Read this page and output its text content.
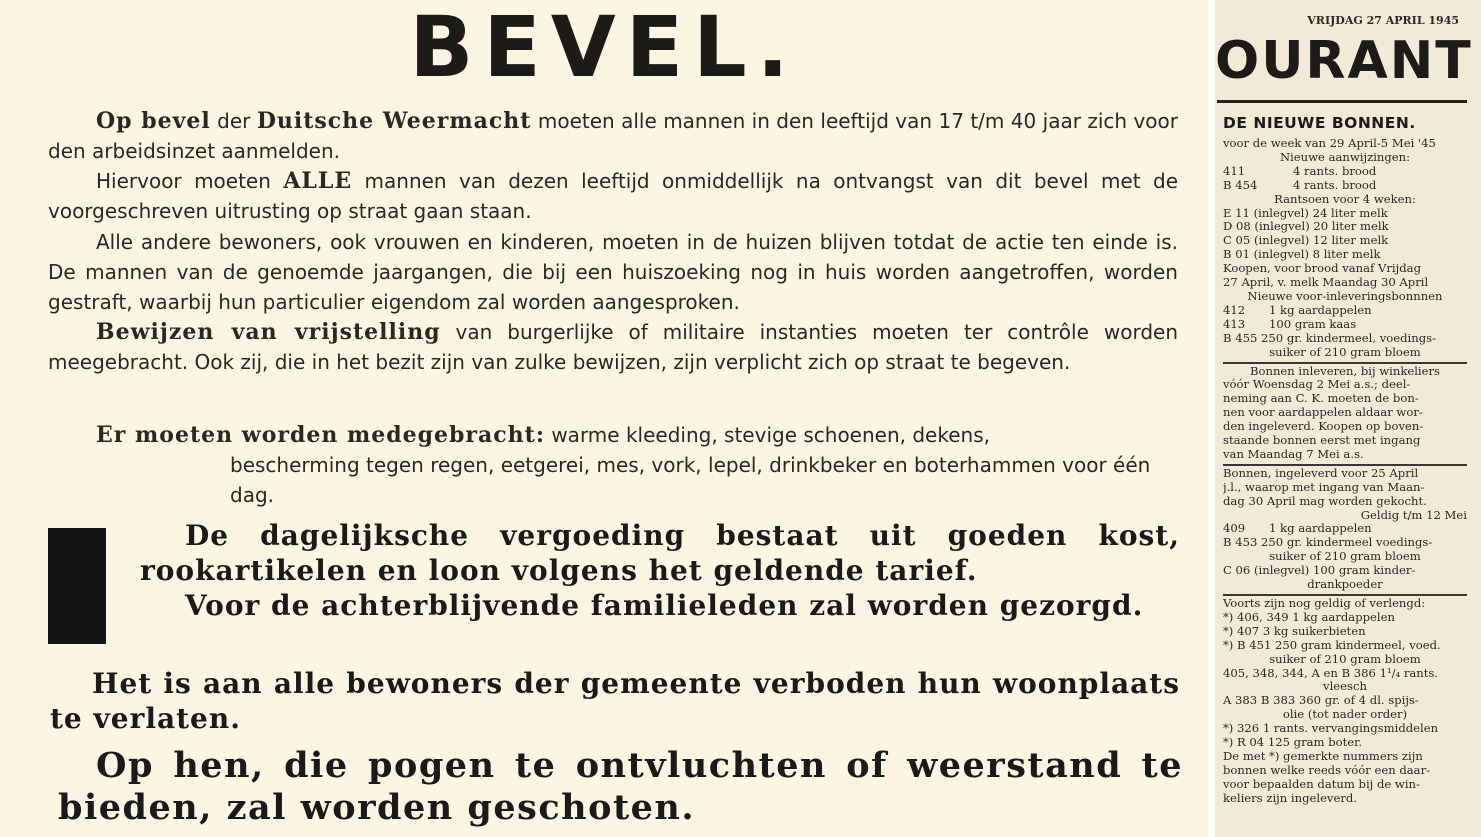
BEVEL.

Op bevel der Duitsche Weermacht moeten alle mannen in den leeftijd van 17 t/m 40 jaar zich voor den arbeidsinzet aanmelden.

Hiervoor moeten ALLE mannen van dezen leeftijd onmiddellijk na ontvangst van dit bevel met de voorgeschreven uitrusting op straat gaan staan.

Alle andere bewoners, ook vrouwen en kinderen, moeten in de huizen blijven totdat de actie ten einde is. De mannen van de genoemde jaargangen, die bij een huiszoeking nog in huis worden aangetroffen, worden gestraft, waarbij hun particulier eigendom zal worden aangesproken.

Bewijzen van vrijstelling van burgerlijke of militaire instanties moeten ter contrôle worden meegebracht. Ook zij, die in het bezit zijn van zulke bewijzen, zijn verplicht zich op straat te begeven.

Er moeten worden medegebracht: warme kleeding, stevige schoenen, dekens,

bescherming tegen regen, eetgerei, mes, vork, lepel, drinkbeker en boterhammen voor één dag.

De dagelijksche vergoeding bestaat uit goeden kost, rookartikelen en loon volgens het geldende tarief.
Voor de achterblijvende familieleden zal worden gezorgd.

Het is aan alle bewoners der gemeente verboden hun woonplaats te verlaten.

Op hen, die pogen te ontvluchten of weerstand te bieden, zal worden geschoten.

VRIJDAG 27 APRIL 1945
OURANT
DE NIEUWE BONNEN.
voor de week van 29 April-5 Mei '45
Nieuwe aanwijzingen:
411	4 rants. brood
B 454	4 rants. brood
Rantsoen voor 4 weken:
E 11 (inlegvel) 24 liter melk
D 08 (inlegvel) 20 liter melk
C 05 (inlegvel) 12 liter melk
B 01 (inlegvel) 8 liter melk
Koopen, voor brood vanaf Vrijdag
27 April, v. melk Maandag 30 April
Nieuwe voor-inleveringsbonnnen
412 1 kg aardappelen
413 100 gram kaas
B 455 250 gr. kindermeel, voedings-
suiker of 210 gram bloem
Bonnen inleveren, bij winkeliers
vóór Woensdag 2 Mei a.s.; deel-
neming aan C. K. moeten de bon-
nen voor aardappelen aldaar wor-
den ingeleverd. Koopen op boven-
staande bonnen eerst met ingang
van Maandag 7 Mei a.s.
Bonnen, ingeleverd voor 25 April
j.l., waarop met ingang van Maan-
dag 30 April mag worden gekocht.
Geldig t/m 12 Mei
409 1 kg aardappelen
B 453 250 gr. kindermeel voedings-
suiker of 210 gram bloem
C 06 (inlegvel) 100 gram kinder-
drankpoeder
Voorts zijn nog geldig of verlengd:
*) 406, 349 1 kg aardappelen
*) 407 3 kg suikerbieten
*) B 451 250 gram kindermeel, voed.
suiker of 210 gram bloem
405, 348, 344, A en B 386 1¹/₄ rants.
vleesch
A 383 B 383 360 gr. of 4 dl. spijs-
olie (tot nader order)
*) 326 1 rants. vervangingsmiddelen
*) R 04 125 gram boter.
De met *) gemerkte nummers zijn
bonnen welke reeds vóór een daar-
voor bepaalden datum bij de win-
keliers zijn ingeleverd.
